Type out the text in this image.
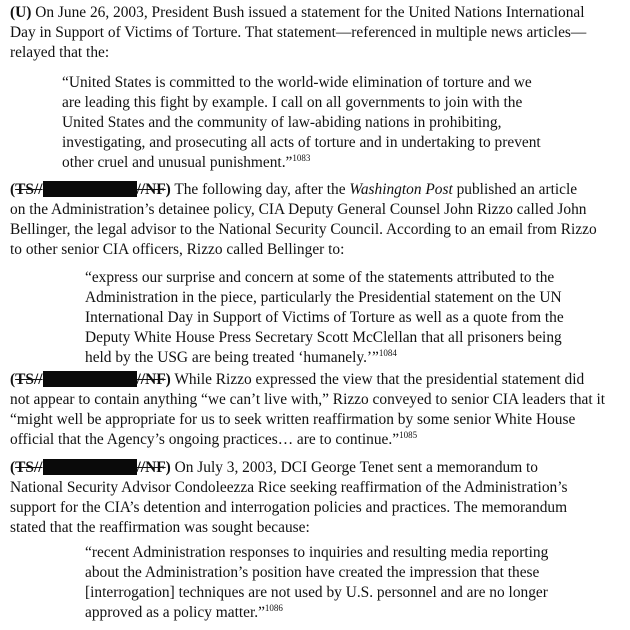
(U) On June 26, 2003, President Bush issued a statement for the United Nations International
Day in Support of Victims of Torture. That statement—referenced in multiple news articles—
relayed that the:
“United States is committed to the world-wide elimination of torture and we
are leading this fight by example. I call on all governments to join with the
United States and the community of law-abiding nations in prohibiting,
investigating, and prosecuting all acts of torture and in undertaking to prevent
other cruel and unusual punishment.”$^{1083}$
(TS//	//NF) The following day, after the Washington Post published an article
on the Administration’s detainee policy, CIA Deputy General Counsel John Rizzo called John
Bellinger, the legal advisor to the National Security Council. According to an email from Rizzo
to other senior CIA officers, Rizzo called Bellinger to:
“express our surprise and concern at some of the statements attributed to the
Administration in the piece, particularly the Presidential statement on the UN
International Day in Support of Victims of Torture as well as a quote from the
Deputy White House Press Secretary Scott McClellan that all prisoners being
held by the USG are being treated ‘humanely.’”$^{1084}$
(TS//	//NF) While Rizzo expressed the view that the presidential statement did
not appear to contain anything “we can’t live with,” Rizzo conveyed to senior CIA leaders that it
“might well be appropriate for us to seek written reaffirmation by some senior White House
official that the Agency’s ongoing practices… are to continue.”$^{1085}$
(TS//	//NF) On July 3, 2003, DCI George Tenet sent a memorandum to
National Security Advisor Condoleezza Rice seeking reaffirmation of the Administration’s
support for the CIA’s detention and interrogation policies and practices. The memorandum
stated that the reaffirmation was sought because:
“recent Administration responses to inquiries and resulting media reporting
about the Administration’s position have created the impression that these
[interrogation] techniques are not used by U.S. personnel and are no longer
approved as a policy matter.”$^{1086}$
